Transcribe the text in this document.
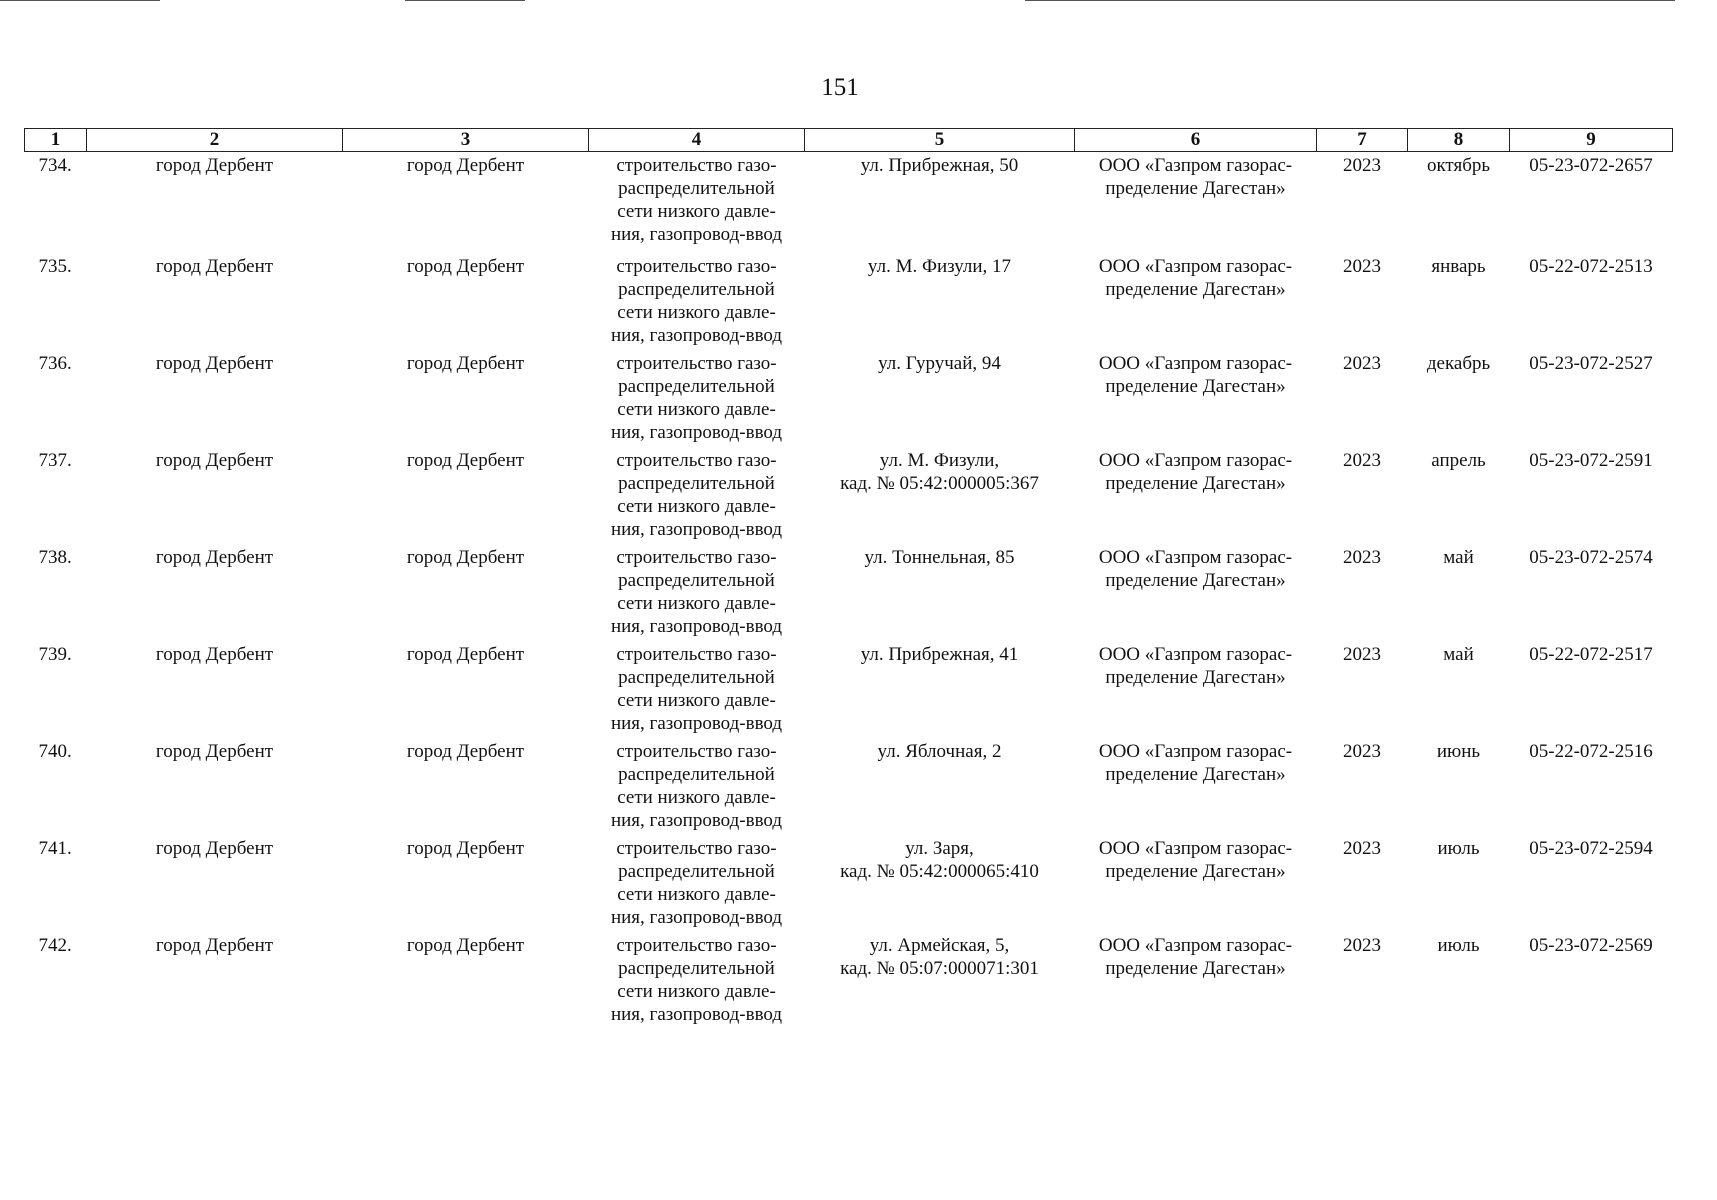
151
1	2	3	4	5	6	7	8	9
734.	город Дербент	город Дербент	строительство газо-
распределительной
сети низкого давле-
ния, газопровод-ввод	ул. Прибрежная, 50	ООО «Газпром газорас-
пределение Дагестан»	2023	октябрь	05-23-072-2657
735.	город Дербент	город Дербент	строительство газо-
распределительной
сети низкого давле-
ния, газопровод-ввод	ул. М. Физули, 17	ООО «Газпром газорас-
пределение Дагестан»	2023	январь	05-22-072-2513
736.	город Дербент	город Дербент	строительство газо-
распределительной
сети низкого давле-
ния, газопровод-ввод	ул. Гуручай, 94	ООО «Газпром газорас-
пределение Дагестан»	2023	декабрь	05-23-072-2527
737.	город Дербент	город Дербент	строительство газо-
распределительной
сети низкого давле-
ния, газопровод-ввод	ул. М. Физули,
кад. № 05:42:000005:367	ООО «Газпром газорас-
пределение Дагестан»	2023	апрель	05-23-072-2591
738.	город Дербент	город Дербент	строительство газо-
распределительной
сети низкого давле-
ния, газопровод-ввод	ул. Тоннельная, 85	ООО «Газпром газорас-
пределение Дагестан»	2023	май	05-23-072-2574
739.	город Дербент	город Дербент	строительство газо-
распределительной
сети низкого давле-
ния, газопровод-ввод	ул. Прибрежная, 41	ООО «Газпром газорас-
пределение Дагестан»	2023	май	05-22-072-2517
740.	город Дербент	город Дербент	строительство газо-
распределительной
сети низкого давле-
ния, газопровод-ввод	ул. Яблочная, 2	ООО «Газпром газорас-
пределение Дагестан»	2023	июнь	05-22-072-2516
741.	город Дербент	город Дербент	строительство газо-
распределительной
сети низкого давле-
ния, газопровод-ввод	ул. Заря,
кад. № 05:42:000065:410	ООО «Газпром газорас-
пределение Дагестан»	2023	июль	05-23-072-2594
742.	город Дербент	город Дербент	строительство газо-
распределительной
сети низкого давле-
ния, газопровод-ввод	ул. Армейская, 5,
кад. № 05:07:000071:301	ООО «Газпром газорас-
пределение Дагестан»	2023	июль	05-23-072-2569
